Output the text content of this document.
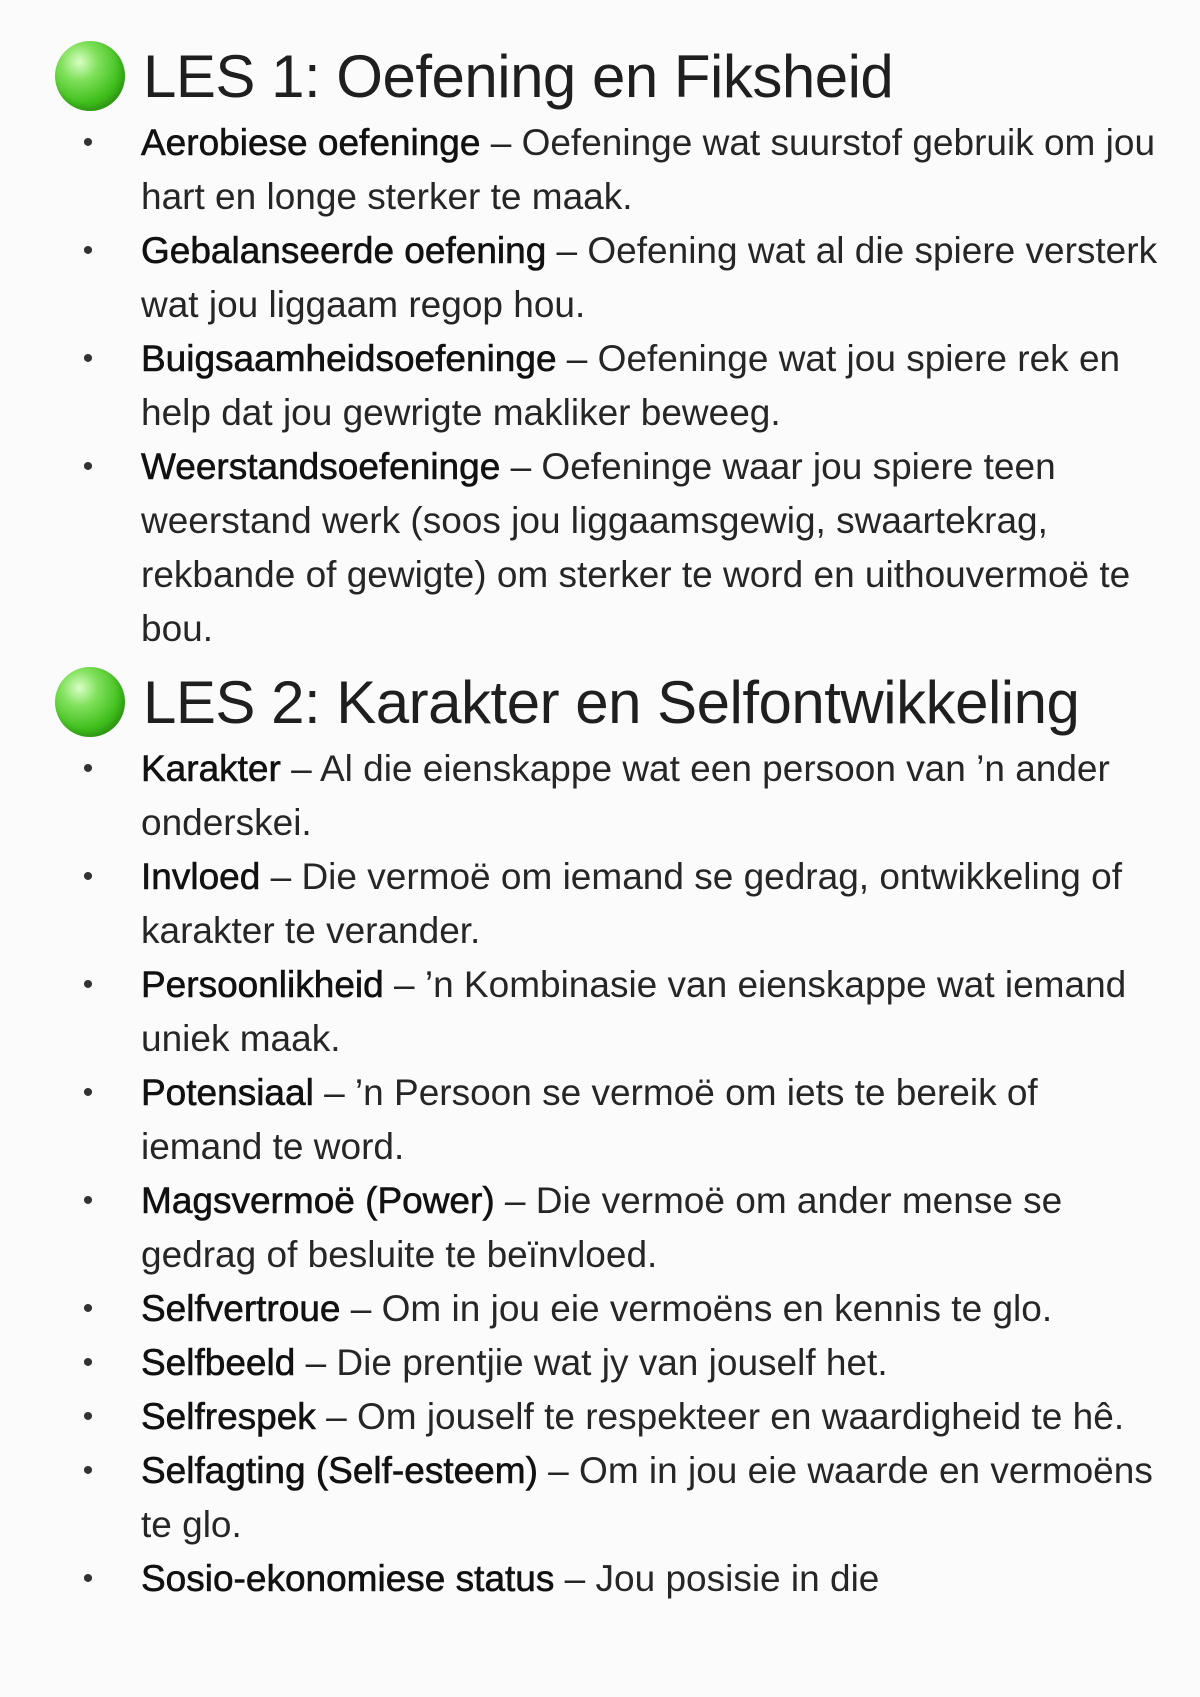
LES 1: Oefening en Fiksheid
• Aerobiese oefeninge – Oefeninge wat suurstof gebruik om jou hart en longe sterker te maak.
• Gebalanseerde oefening – Oefening wat al die spiere versterk wat jou liggaam regop hou.
• Buigsaamheidsoefeninge – Oefeninge wat jou spiere rek en help dat jou gewrigte makliker beweeg.
• Weerstandsoefeninge – Oefeninge waar jou spiere teen weerstand werk (soos jou liggaamsgewig, swaartekrag, rekbande of gewigte) om sterker te word en uithouvermoë te bou.
LES 2: Karakter en Selfontwikkeling
• Karakter – Al die eienskappe wat een persoon van ’n ander onderskei.
• Invloed – Die vermoë om iemand se gedrag, ontwikkeling of karakter te verander.
• Persoonlikheid – ’n Kombinasie van eienskappe wat iemand uniek maak.
• Potensiaal – ’n Persoon se vermoë om iets te bereik of iemand te word.
• Magsvermoë (Power) – Die vermoë om ander mense se gedrag of besluite te beïnvloed.
• Selfvertroue – Om in jou eie vermoëns en kennis te glo.
• Selfbeeld – Die prentjie wat jy van jouself het.
• Selfrespek – Om jouself te respekteer en waardigheid te hê.
• Selfagting (Self-esteem) – Om in jou eie waarde en vermoëns te glo.
• Sosio-ekonomiese status – Jou posisie in die
